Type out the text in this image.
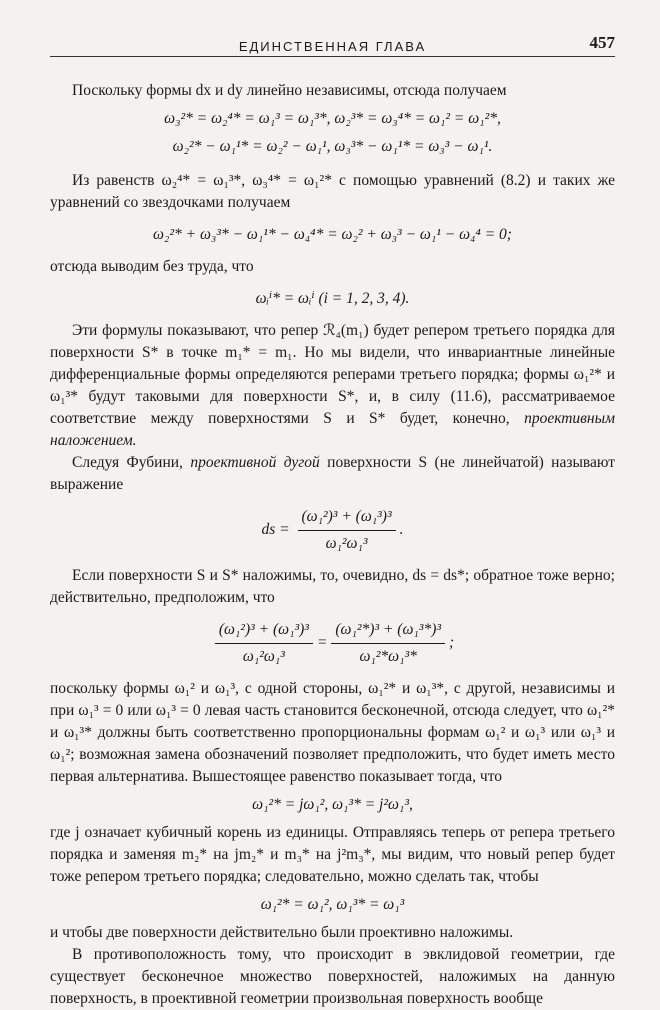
ЕДИНСТВЕННАЯ ГЛАВА	457

Поскольку формы dx и dy линейно независимы, отсюда получаем

ω₃²* = ω₂⁴* = ω₁³ = ω₁³*, ω₂³* = ω₃⁴* = ω₁² = ω₁²*,
ω₂²* − ω₁¹* = ω₂² − ω₁¹, ω₃³* − ω₁¹* = ω₃³ − ω₁¹.

Из равенств ω₂⁴* = ω₁³*, ω₃⁴* = ω₁²* с помощью уравнений (8.2) и таких же уравнений со звездочками получаем

ω₂²* + ω₃³* − ω₁¹* − ω₄⁴* = ω₂² + ω₃³ − ω₁¹ − ω₄⁴ = 0;

отсюда выводим без труда, что

ωᵢⁱ* = ωᵢⁱ (i = 1, 2, 3, 4).

Эти формулы показывают, что репер ℛ₄(m₁) будет репером третьего порядка для поверхности S* в точке m₁* = m₁. Но мы видели, что инвариантные линейные дифференциальные формы определяются реперами третьего порядка; формы ω₁²* и ω₁³* будут таковыми для поверхности S*, и, в силу (11.6), рассматриваемое соответствие между поверхностями S и S* будет, конечно, проективным наложением.

Следуя Фубини, проективной дугой поверхности S (не линейчатой) называют выражение

ds = $\frac{\text{(ω₁²)³ + (ω₁³)³}}{\text{ω₁²ω₁³}}$ .

Если поверхности S и S* наложимы, то, очевидно, ds = ds*; обратное тоже верно; действительно, предположим, что

$\frac{\text{(ω₁²)³ + (ω₁³)³}}{\text{ω₁²ω₁³}} = \frac{\text{(ω₁²*)³ + (ω₁³*)³}}{\text{ω₁²*ω₁³*}}$ ;

поскольку формы ω₁² и ω₁³, с одной стороны, ω₁²* и ω₁³*, с другой, независимы и при ω₁³ = 0 или ω₁³ = 0 левая часть становится бесконечной, отсюда следует, что ω₁²* и ω₁³* должны быть соответственно пропорциональны формам ω₁² и ω₁³ или ω₁³ и ω₁²; возможная замена обозначений позволяет предположить, что будет иметь место первая альтернатива. Вышестоящее равенство показывает тогда, что

ω₁²* = jω₁², ω₁³* = j²ω₁³,

где j означает кубичный корень из единицы. Отправляясь теперь от репера третьего порядка и заменяя m₂* на jm₂* и m₃* на j²m₃*, мы видим, что новый репер будет тоже репером третьего порядка; следовательно, можно сделать так, чтобы

ω₁²* = ω₁², ω₁³* = ω₁³

и чтобы две поверхности действительно были проективно наложимы.

В противоположность тому, что происходит в эвклидовой геометрии, где существует бесконечное множество поверхностей, наложимых на данную поверхность, в проективной геометрии произвольная поверхность вообще
